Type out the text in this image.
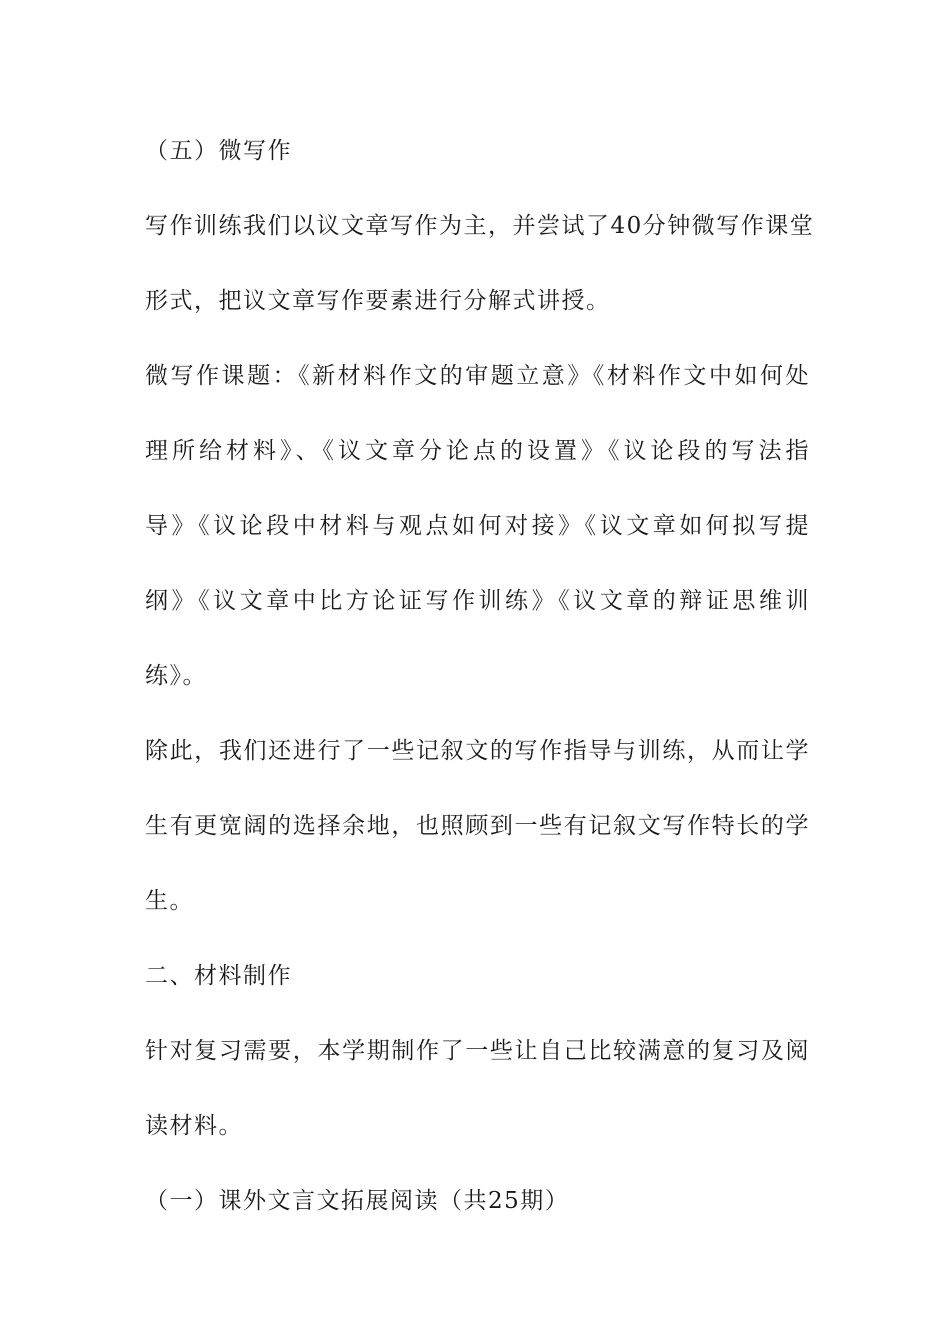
（五）微写作
写作训练我们以议文章写作为主，并尝试了40分钟微写作课堂
形式，把议文章写作要素进行分解式讲授。
微写作课题：《新材料作文的审题立意》《材料作文中如何处
理所给材料》、《议文章分论点的设置》《议论段的写法指
导》《议论段中材料与观点如何对接》《议文章如何拟写提
纲》《议文章中比方论证写作训练》《议文章的辩证思维训
练》。
除此，我们还进行了一些记叙文的写作指导与训练，从而让学
生有更宽阔的选择余地，也照顾到一些有记叙文写作特长的学
生。
二、材料制作
针对复习需要，本学期制作了一些让自己比较满意的复习及阅
读材料。
（一）课外文言文拓展阅读（共25期）
